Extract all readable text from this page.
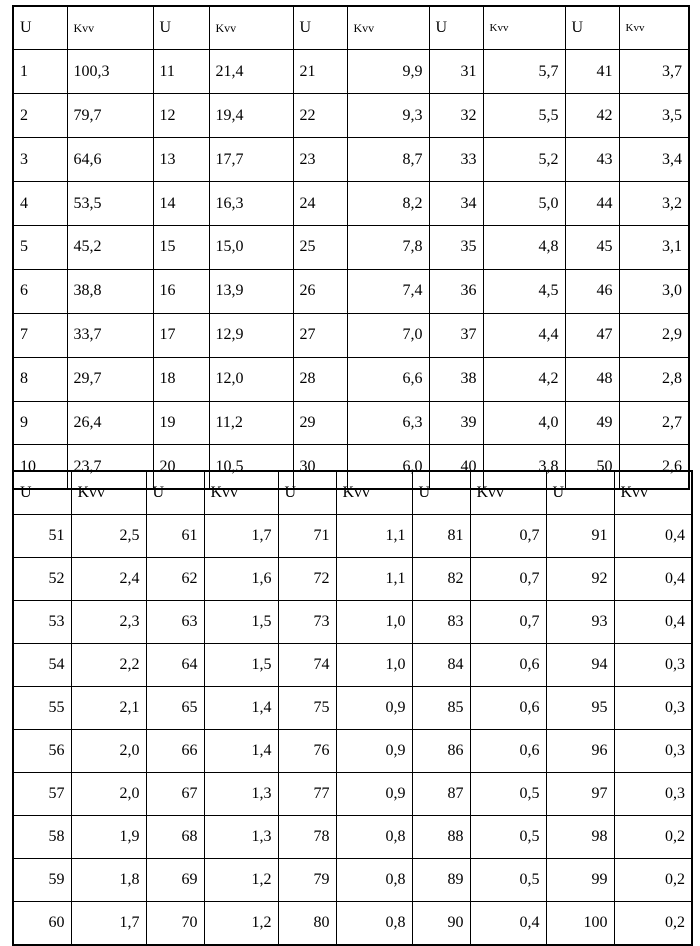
U	Kvv	U	Kvv	U	Kvv	U	Kvv	U	Kvv
1	100,3	11	21,4	21	9,9	31	5,7	41	3,7
2	79,7	12	19,4	22	9,3	32	5,5	42	3,5
3	64,6	13	17,7	23	8,7	33	5,2	43	3,4
4	53,5	14	16,3	24	8,2	34	5,0	44	3,2
5	45,2	15	15,0	25	7,8	35	4,8	45	3,1
6	38,8	16	13,9	26	7,4	36	4,5	46	3,0
7	33,7	17	12,9	27	7,0	37	4,4	47	2,9
8	29,7	18	12,0	28	6,6	38	4,2	48	2,8
9	26,4	19	11,2	29	6,3	39	4,0	49	2,7
10	23,7	20	10,5	30	6,0	40	3,8	50	2,6
U	Kvv	U	Kvv	U	Kvv	U	Kvv	U	Kvv
51	2,5	61	1,7	71	1,1	81	0,7	91	0,4
52	2,4	62	1,6	72	1,1	82	0,7	92	0,4
53	2,3	63	1,5	73	1,0	83	0,7	93	0,4
54	2,2	64	1,5	74	1,0	84	0,6	94	0,3
55	2,1	65	1,4	75	0,9	85	0,6	95	0,3
56	2,0	66	1,4	76	0,9	86	0,6	96	0,3
57	2,0	67	1,3	77	0,9	87	0,5	97	0,3
58	1,9	68	1,3	78	0,8	88	0,5	98	0,2
59	1,8	69	1,2	79	0,8	89	0,5	99	0,2
60	1,7	70	1,2	80	0,8	90	0,4	100	0,2
